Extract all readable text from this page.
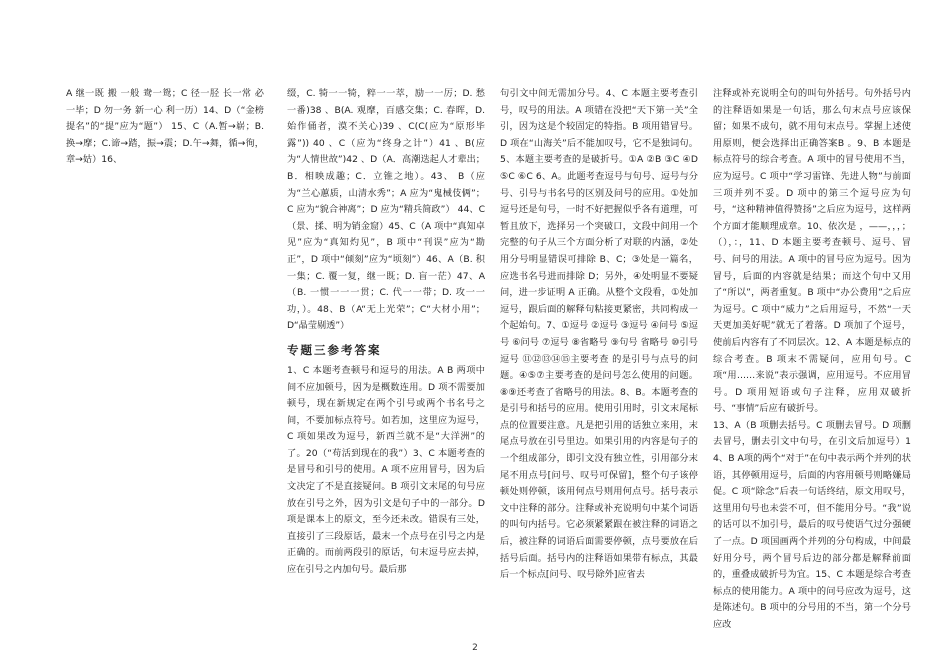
A 继一既 搬 一般 鸯一鸳；C 径一胫 长一常 必一毕；D 勿一务 新一心 利一历）14、D（“金榜提名”的“提”应为“题”） 15、C（A.暂→崭；B.换→摩；C.谛→踏，振→震；D.午→舞，循→徇，章→姑）16、
缀，C. 犄一一犄，粹一一萃，励一一厉；D. 愁一番)38 、B(A. 观摩，百感交集；C. 春晖，D. 始作俑者，漠不关心)39 、C(C(应为“原形毕露”)) 40 、C（应为“终身之计”）41 、B(应为“人情世故”)42 、D（A．高潮迭起人才辈出；B．相映成趣；C．立锥之地）。43、 B（应为“兰心蕙质，山清水秀”；A 应为“鬼械伎俩”；C 应为“貌合神离”；D 应为“精兵简政”） 44、C（景、揉、明为销金窟）45、C（A 项中“真知卓见”应为“真知灼见”，B 项中“刊误”应为“勘正”，D 项中“倾刻”应为“顷刻”）46、A（B. 积一集；C. 覆一复，继一既；D. 盲一茫）47、A（B. 一惯一一一贯；C. 代一一带；D. 攻一一功，）。48、B（A“无上光荣”；C“大材小用”；D“晶莹剔透”）
专题三参考答案
1、C 本题考查顿号和逗号的用法。A B 两项中间不应加顿号，因为是概数连用。D 项不需要加顿号，现在新规定在两个引号或两个书名号之间，不要加标点符号。如若加，这里应为逗号，C 项如果改为逗号，新西兰就不是“大洋洲”的了。20（“苟活到现在的我”）3、C 本题考查的是冒号和引号的使用。A 项不应用冒号，因为后文决定了不是直接疑问。B 项引文末尾的句号应放在引号之外，因为引文是句子中的一部分。D 项是课本上的原文，至今还未改。错误有三处，直接引了三段原话，最末一个点号在引号之内是正确的。而前两段引的原话，句末逗号应去掉，应在引号之内加句号。最后那
句引文中间无需加分号。4、C 本题主要考查引号，叹号的用法。A 项错在没把“天下第一关”全引，因为这是个较固定的特指。B 项用错冒号。D 项在“山海关”后不能加叹号，它不是独词句。 5、本题主要考查的是破折号。①A ②B ③C ④D ⑤C ⑥C 6、A。此题考查逗号与句号、逗号与分号、引号与书名号的区别及问号的应用。①处加逗号还是句号，一时不好把握似乎各有道理，可暂且放下，选择另一个突破口，文段中间用一个完整的句子从三个方面分析了对联的内涵，②处用分号明显错误可排除 B、C；③处是一篇名，应选书名号进而排除 D；另外，④处明显不要疑问，进一步证明 A 正确。从整个文段看，①处加逗号，跟后面的解释句粘接更紧密，共同构成一个起始句。7、①逗号 ②逗号 ③逗号 ④问号 ⑤逗号 ⑥问号 ⑦逗号 ⑧省略号 ⑨句号 省略号 ⑩引号 逗号 ⑪⑫⑬⑭⑮主要考查 的是引号与点号的问题。④⑤⑦主要考查的是问号怎么使用的问题。⑧⑨还考查了省略号的用法。8、B。本题考查的是引号和括号的应用。使用引用时，引文末尾标点的位置要注意。凡是把引用的话独立来用，末尾点号放在引号里边。如果引用的内容是句子的一个组成部分，即引文没有独立性，引用部分末尾不用点号[问号、叹号可保留]，整个句子该停顿处则停顿，该用何点号则用何点号。括号表示文中注释的部分。注释或补充说明句中某个词语的叫句内括号。它必须紧紧跟在被注释的词语之后，被注释的词语后面需要停顿，点号要放在后括号后面。括号内的注释语如果带有标点，其最后一个标点[问号、叹号除外]应省去
注释或补充说明全句的叫句外括号。句外括号内的注释语如果是一句话，那么句末点号应该保留；如果不成句，就不用句末点号。掌握上述使用原则，便会选择出正确答案B 。9、B 本题是标点符号的综合考查。A 项中的冒号使用不当，应为逗号。C 项中“学习雷锋、先进人物”与前面三项并列不妥。D 项中的第三个逗号应为句号，“这种精神值得赞扬”之后应为逗号，这样两个方面才能顺理成章。10、依次是 ，——，，，；（），：，11、D 本题主要考查顿号、逗号、冒号、问号的用法。A 项中的冒号应为逗号。因为冒号，后面的内容就是结果；而这个句中又用了“所以”，两者重复。B 项中“办公费用”之后应为逗号。C 项中“威力”之后用逗号，不然“一天天更加美好呢”就无了着落。D 项加了个逗号，使前后内容有了不同层次。12、A 本题是标点的综合考查。B 项末不需疑问，应用句号。C 项“用……来说”表示强调，应用逗号。不应用冒号。D 项用短语或句子注释，应用双破折号、“事情”后应有破折号。
13、A（B 项删去括号。C 项删去冒号。D 项删去冒号，删去引文中句号，在引文后加逗号）14、B A项的两个“对于”在句中表示两个并列的状语，其停顿用逗号，后面的内容用顿号则略嫌局促。C 项“除念”后表一句话终结，原文用叹号，这里用句号也未尝不可，但不能用分号。“我”说的话可以不加引号，最后的叹号使语气过分强硬了一点。D 项国画两个并列的分句构成，中间最好用分号，两个冒号后边的部分都是解释前面的，重叠成破折号为宜。15、C 本题是综合考查标点的使用能力。A 项中的问号应改为逗号，这是陈述句。B 项中的分号用的不当，第一个分号应改
2
